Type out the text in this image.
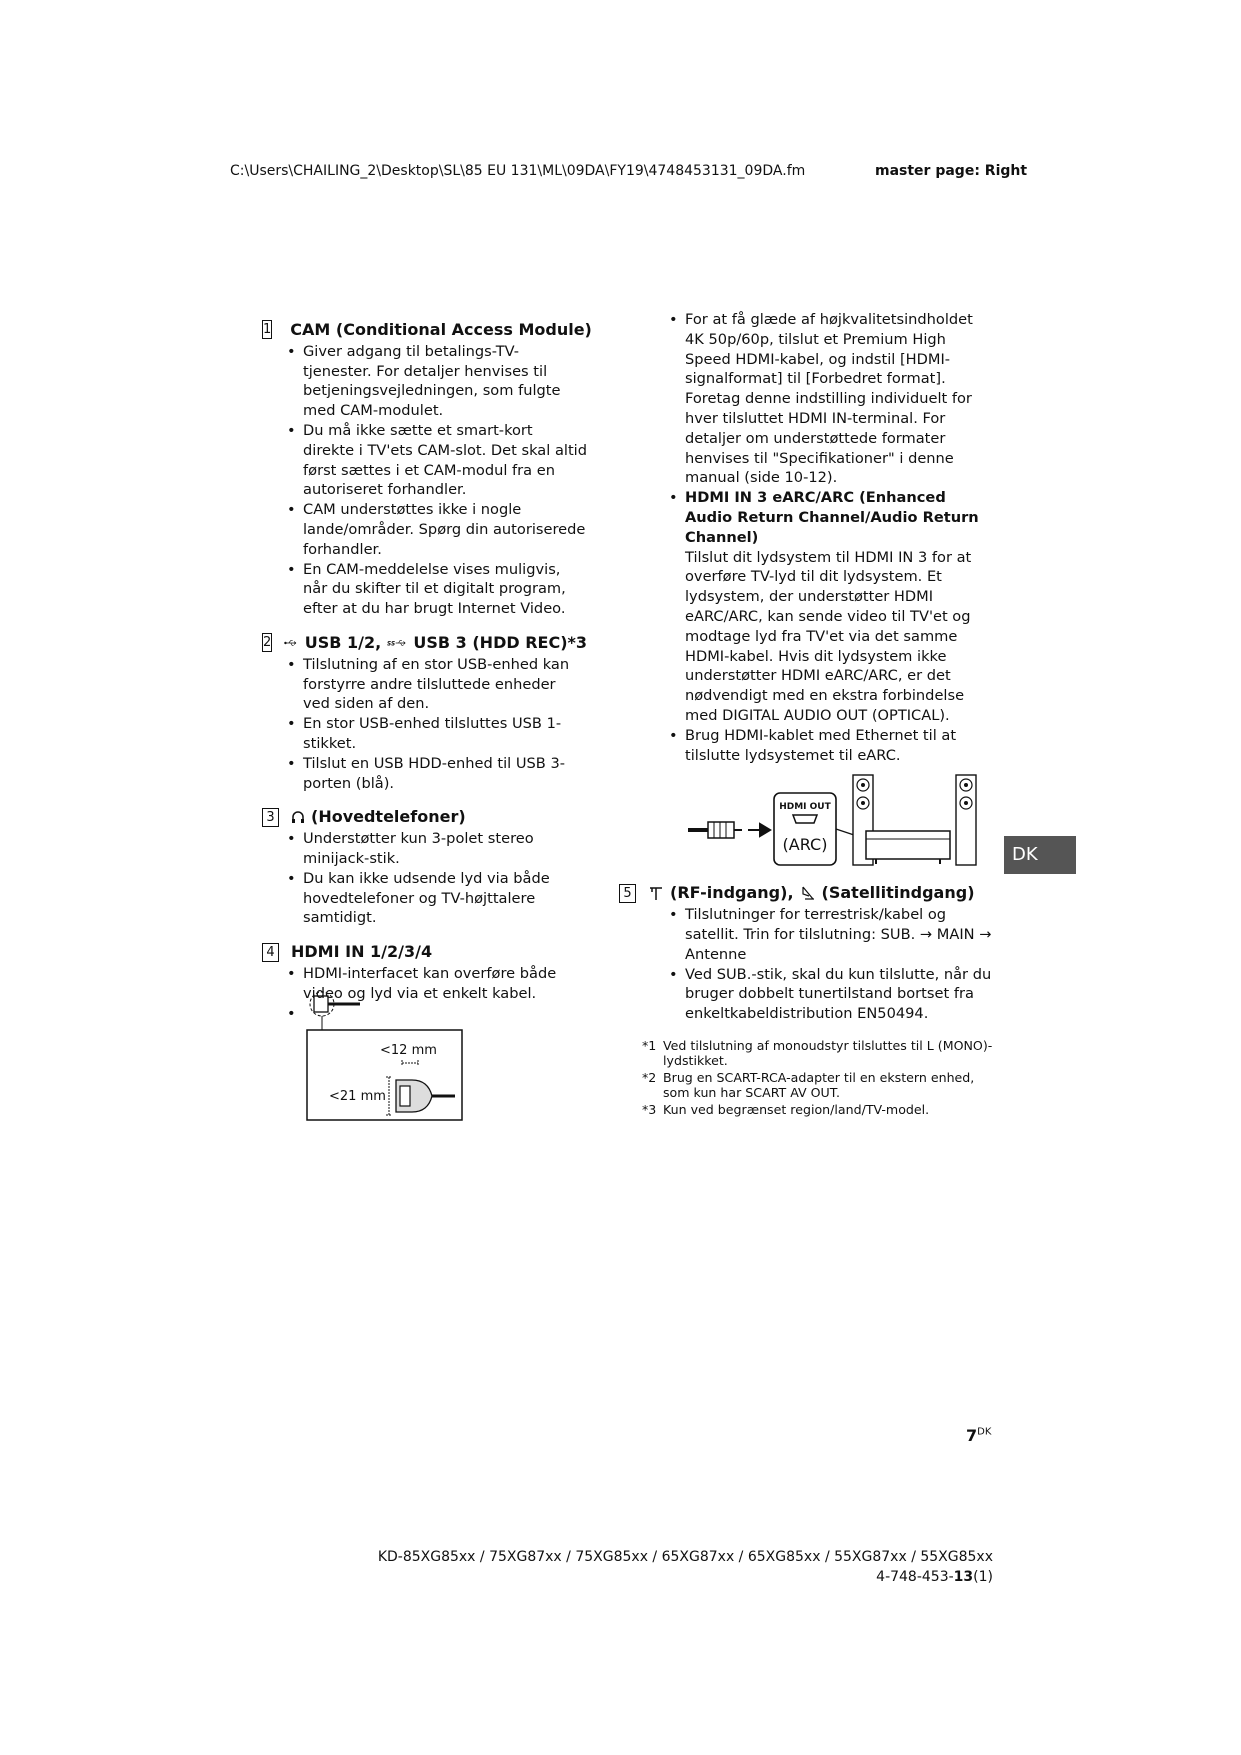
C:\Users\CHAILING_2\Desktop\SL\85 EU 131\ML\09DA\FY19\4748453131_09DA.fm	master page: Right
1 CAM (Conditional Access Module)
• Giver adgang til betalings-TV-tjenester. For detaljer henvises til betjeningsvejledningen, som fulgte med CAM-modulet.
• Du må ikke sætte et smart-kort direkte i TV'ets CAM-slot. Det skal altid først sættes i et CAM-modul fra en autoriseret forhandler.
• CAM understøttes ikke i nogle lande/områder. Spørg din autoriserede forhandler.
• En CAM-meddelelse vises muligvis, når du skifter til et digitalt program, efter at du har brugt Internet Video.
2 USB 1/2, SS USB 3 (HDD REC)*3
• Tilslutning af en stor USB-enhed kan forstyrre andre tilsluttede enheder ved siden af den.
• En stor USB-enhed tilsluttes USB 1-stikket.
• Tilslut en USB HDD-enhed til USB 3-porten (blå).
3 (Hovedtelefoner)
• Understøtter kun 3-polet stereo minijack-stik.
• Du kan ikke udsende lyd via både hovedtelefoner og TV-højttalere samtidigt.
4 HDMI IN 1/2/3/4
• HDMI-interfacet kan overføre både video og lyd via et enkelt kabel.
<12 mm
<21 mm
• For at få glæde af højkvalitetsindholdet 4K 50p/60p, tilslut et Premium High Speed HDMI-kabel, og indstil [HDMI-signalformat] til [Forbedret format]. Foretag denne indstilling individuelt for hver tilsluttet HDMI IN-terminal. For detaljer om understøttede formater henvises til "Specifikationer" i denne manual (side 10-12).
• HDMI IN 3 eARC/ARC (Enhanced Audio Return Channel/Audio Return Channel)
Tilslut dit lydsystem til HDMI IN 3 for at overføre TV-lyd til dit lydsystem. Et lydsystem, der understøtter HDMI eARC/ARC, kan sende video til TV'et og modtage lyd fra TV'et via det samme HDMI-kabel. Hvis dit lydsystem ikke understøtter HDMI eARC/ARC, er det nødvendigt med en ekstra forbindelse med DIGITAL AUDIO OUT (OPTICAL).
• Brug HDMI-kablet med Ethernet til at tilslutte lydsystemet til eARC.
HDMI OUT
(ARC)
5 (RF-indgang), (Satellitindgang)
• Tilslutninger for terrestrisk/kabel og satellit. Trin for tilslutning: SUB. → MAIN → Antenne
• Ved SUB.-stik, skal du kun tilslutte, når du bruger dobbelt tunertilstand bortset fra enkeltkabeldistribution EN50494.
*1 Ved tilslutning af monoudstyr tilsluttes til L (MONO)-lydstikket.
*2 Brug en SCART-RCA-adapter til en ekstern enhed, som kun har SCART AV OUT.
*3 Kun ved begrænset region/land/TV-model.
DK
$7^{DK}$
KD-85XG85xx / 75XG87xx / 75XG85xx / 65XG87xx / 65XG85xx / 55XG87xx / 55XG85xx
4-748-453-13(1)
